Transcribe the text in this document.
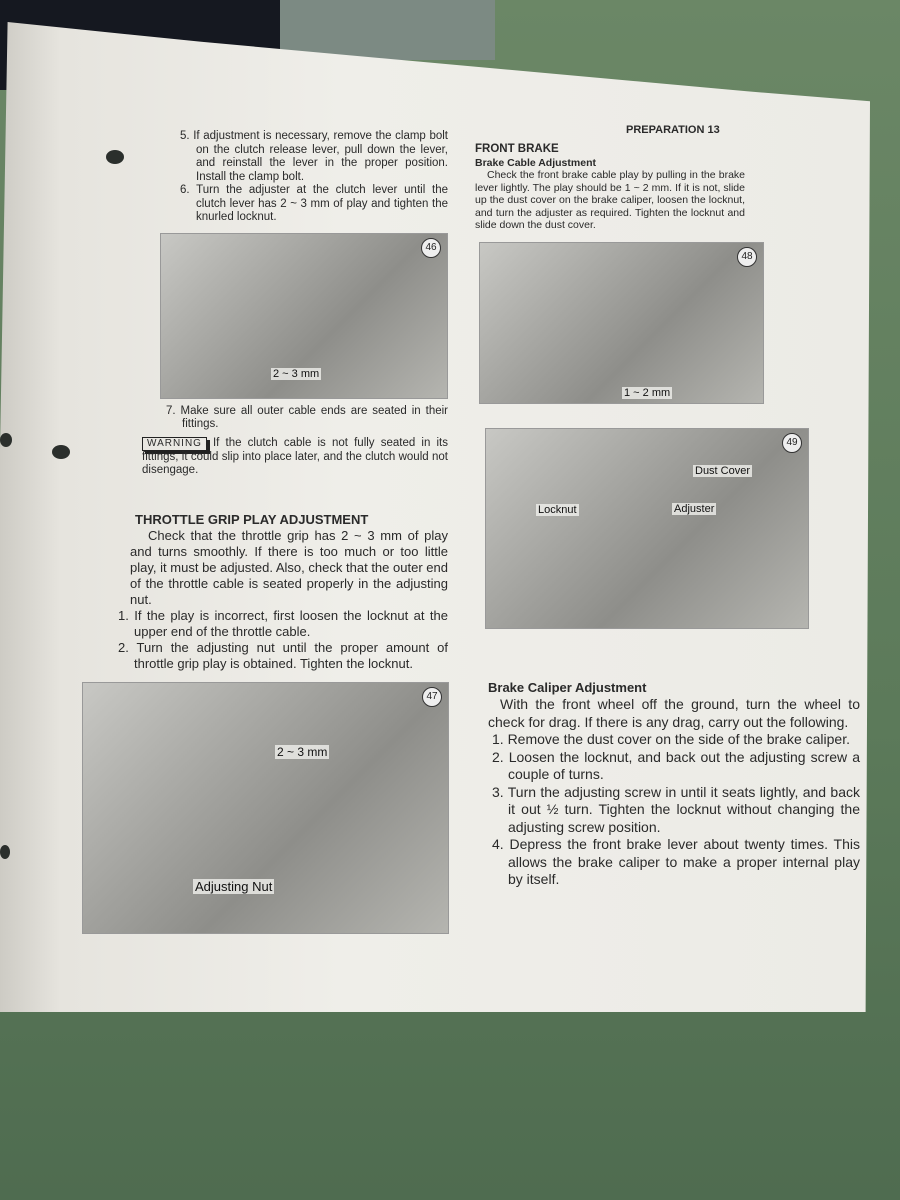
PREPARATION 13
5. If adjustment is necessary, remove the clamp bolt on the clutch release lever, pull down the lever, and reinstall the lever in the proper position. Install the clamp bolt.
6. Turn the adjuster at the clutch lever until the clutch lever has 2 ~ 3 mm of play and tighten the knurled locknut.
46
2 ~ 3 mm
7. Make sure all outer cable ends are seated in their fittings.
WARNING If the clutch cable is not fully seated in its fittings, it could slip into place later, and the clutch would not disengage.
THROTTLE GRIP PLAY ADJUSTMENT
Check that the throttle grip has 2 ~ 3 mm of play and turns smoothly. If there is too much or too little play, it must be adjusted. Also, check that the outer end of the throttle cable is seated properly in the adjusting nut.
1. If the play is incorrect, first loosen the locknut at the upper end of the throttle cable.
2. Turn the adjusting nut until the proper amount of throttle grip play is obtained. Tighten the locknut.
47
2 ~ 3 mm
Adjusting Nut
FRONT BRAKE
Brake Cable Adjustment
Check the front brake cable play by pulling in the brake lever lightly. The play should be 1 ~ 2 mm. If it is not, slide up the dust cover on the brake caliper, loosen the locknut, and turn the adjuster as required. Tighten the locknut and slide down the dust cover.
48
1 ~ 2 mm
49
Dust Cover
Locknut	Adjuster
Brake Caliper Adjustment
With the front wheel off the ground, turn the wheel to check for drag. If there is any drag, carry out the following.
1. Remove the dust cover on the side of the brake caliper.
2. Loosen the locknut, and back out the adjusting screw a couple of turns.
3. Turn the adjusting screw in until it seats lightly, and back it out ½ turn. Tighten the locknut without changing the adjusting screw position.
4. Depress the front brake lever about twenty times. This allows the brake caliper to make a proper internal play by itself.
